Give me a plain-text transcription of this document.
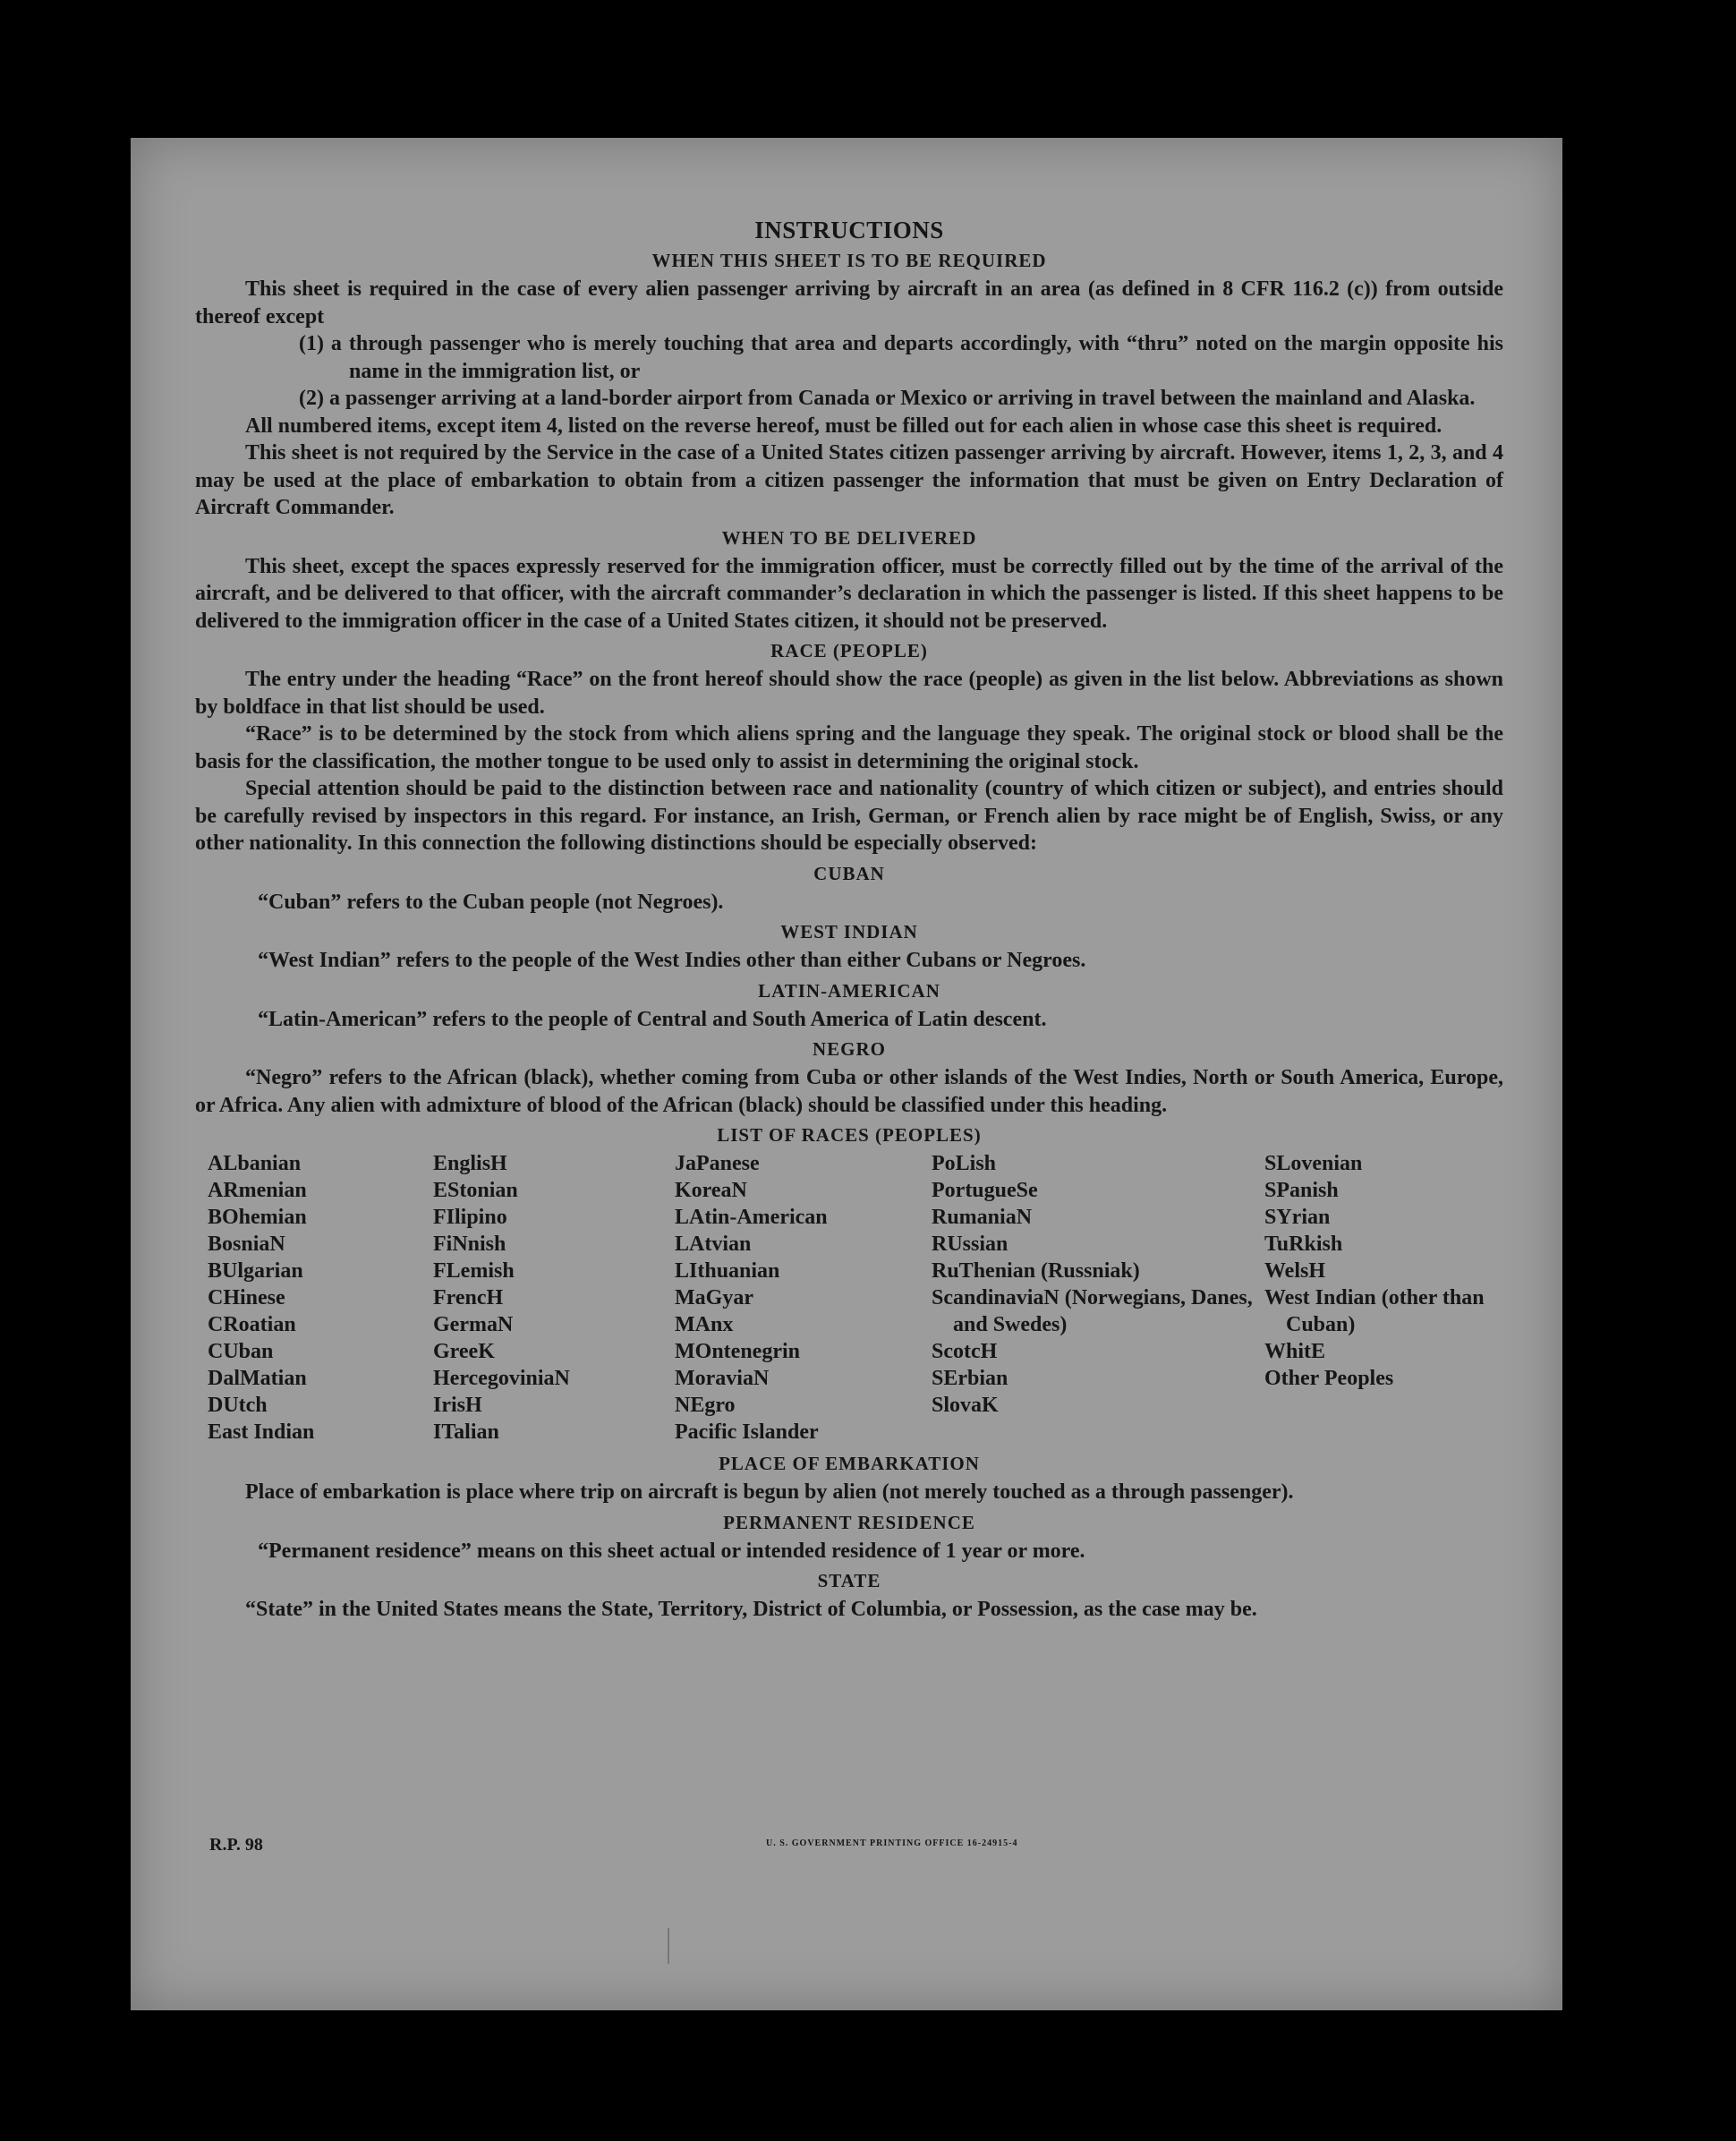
INSTRUCTIONS
WHEN THIS SHEET IS TO BE REQUIRED

This sheet is required in the case of every alien passenger arriving by aircraft in an area (as defined in 8 CFR 116.2 (c)) from outside thereof except

(1) a through passenger who is merely touching that area and departs accordingly, with “thru” noted on the margin opposite his name in the immigration list, or

(2) a passenger arriving at a land-border airport from Canada or Mexico or arriving in travel between the mainland and Alaska.

All numbered items, except item 4, listed on the reverse hereof, must be filled out for each alien in whose case this sheet is required.

This sheet is not required by the Service in the case of a United States citizen passenger arriving by aircraft. However, items 1, 2, 3, and 4 may be used at the place of embarkation to obtain from a citizen passenger the information that must be given on Entry Declaration of Aircraft Commander.

WHEN TO BE DELIVERED

This sheet, except the spaces expressly reserved for the immigration officer, must be correctly filled out by the time of the arrival of the aircraft, and be delivered to that officer, with the aircraft commander’s declaration in which the passenger is listed. If this sheet happens to be delivered to the immigration officer in the case of a United States citizen, it should not be preserved.

RACE (PEOPLE)

The entry under the heading “Race” on the front hereof should show the race (people) as given in the list below. Abbreviations as shown by boldface in that list should be used.

“Race” is to be determined by the stock from which aliens spring and the language they speak. The original stock or blood shall be the basis for the classification, the mother tongue to be used only to assist in determining the original stock.

Special attention should be paid to the distinction between race and nationality (country of which citizen or subject), and entries should be carefully revised by inspectors in this regard. For instance, an Irish, German, or French alien by race might be of English, Swiss, or any other nationality. In this connection the following distinctions should be especially observed:

CUBAN

“Cuban” refers to the Cuban people (not Negroes).

WEST INDIAN

“West Indian” refers to the people of the West Indies other than either Cubans or Negroes.

LATIN-AMERICAN

“Latin-American” refers to the people of Central and South America of Latin descent.

NEGRO

“Negro” refers to the African (black), whether coming from Cuba or other islands of the West Indies, North or South America, Europe, or Africa. Any alien with admixture of blood of the African (black) should be classified under this heading.

LIST OF RACES (PEOPLES)
ALbanian
ARmenian
BOhemian
BosniaN
BUlgarian
CHinese
CRoatian
CUban
DalMatian
DUtch
East Indian
EnglisH
EStonian
FIlipino
FiNnish
FLemish
FrencH
GermaN
GreeK
HercegoviniaN
IrisH
ITalian
JaPanese
KoreaN
LAtin-American
LAtvian
LIthuanian
MaGyar
MAnx
MOntenegrin
MoraviaN
NEgro
Pacific Islander
PoLish
PortugueSe
RumaniaN
RUssian
RuThenian (Russniak)
ScandinaviaN (Norwegians, Danes, and Swedes)
ScotcH
SErbian
SlovaK
SLovenian
SPanish
SYrian
TuRkish
WelsH
West Indian (other than Cuban)
WhitE
Other Peoples
PLACE OF EMBARKATION

Place of embarkation is place where trip on aircraft is begun by alien (not merely touched as a through passenger).

PERMANENT RESIDENCE

“Permanent residence” means on this sheet actual or intended residence of 1 year or more.

STATE

“State” in the United States means the State, Territory, District of Columbia, or Possession, as the case may be.

R.P. 98	U. S. GOVERNMENT PRINTING OFFICE 16-24915-4
